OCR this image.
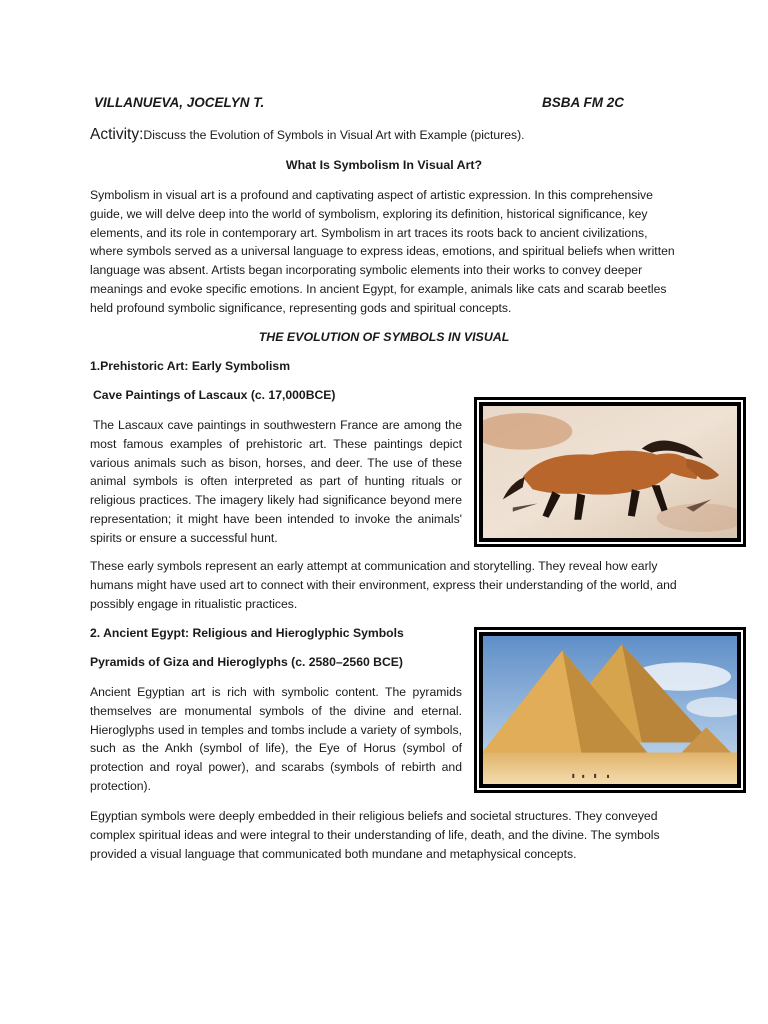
VILLANUEVA, JOCELYN T.	BSBA FM 2C
Activity:Discuss the Evolution of Symbols in Visual Art with Example (pictures).
What Is Symbolism In Visual Art?
Symbolism in visual art is a profound and captivating aspect of artistic expression. In this comprehensive guide, we will delve deep into the world of symbolism, exploring its definition, historical significance, key elements, and its role in contemporary art. Symbolism in art traces its roots back to ancient civilizations, where symbols served as a universal language to express ideas, emotions, and spiritual beliefs when written language was absent. Artists began incorporating symbolic elements into their works to convey deeper meanings and evoke specific emotions. In ancient Egypt, for example, animals like cats and scarab beetles held profound symbolic significance, representing gods and spiritual concepts.
THE EVOLUTION OF SYMBOLS IN VISUAL
1.Prehistoric Art: Early Symbolism
Cave Paintings of Lascaux (c. 17,000BCE)
The Lascaux cave paintings in southwestern France are among the most famous examples of prehistoric art. These paintings depict various animals such as bison, horses, and deer. The use of these animal symbols is often interpreted as part of hunting rituals or religious practices. The imagery likely had significance beyond mere representation; it might have been intended to invoke the animals' spirits or ensure a successful hunt.
These early symbols represent an early attempt at communication and storytelling. They reveal how early humans might have used art to connect with their environment, express their understanding of the world, and possibly engage in ritualistic practices.
2. Ancient Egypt: Religious and Hieroglyphic Symbols
Pyramids of Giza and Hieroglyphs (c. 2580–2560 BCE)
Ancient Egyptian art is rich with symbolic content. The pyramids themselves are monumental symbols of the divine and eternal. Hieroglyphs used in temples and tombs include a variety of symbols, such as the Ankh (symbol of life), the Eye of Horus (symbol of protection and royal power), and scarabs (symbols of rebirth and protection).
Egyptian symbols were deeply embedded in their religious beliefs and societal structures. They conveyed complex spiritual ideas and were integral to their understanding of life, death, and the divine. The symbols provided a visual language that communicated both mundane and metaphysical concepts.
